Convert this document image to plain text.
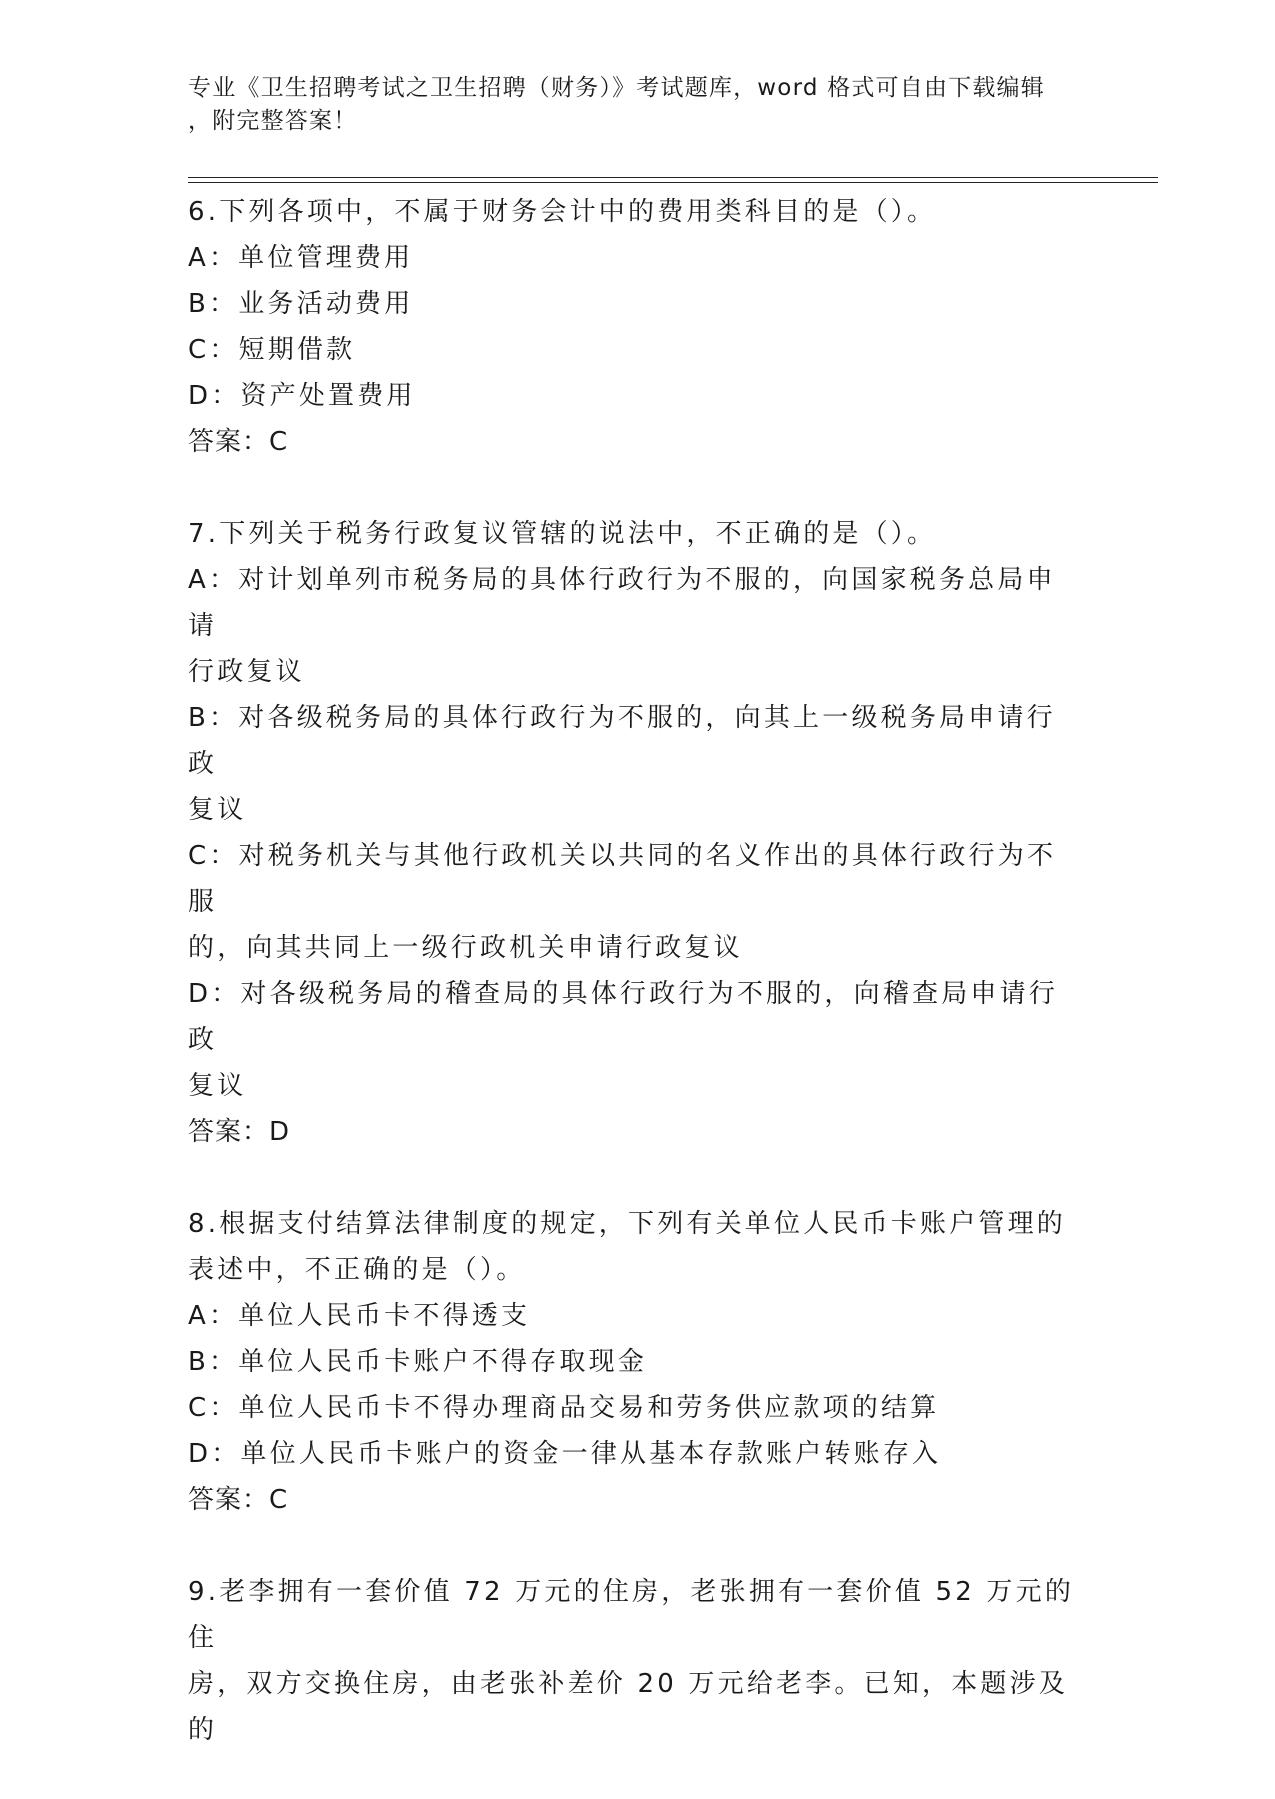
专业《卫生招聘考试之卫生招聘（财务）》考试题库，word 格式可自由下载编辑
，附完整答案！
6.下列各项中，不属于财务会计中的费用类科目的是（）。
A：单位管理费用
B：业务活动费用
C：短期借款
D：资产处置费用
答案：C
7.下列关于税务行政复议管辖的说法中，不正确的是（）。
A：对计划单列市税务局的具体行政行为不服的，向国家税务总局申请
行政复议
B：对各级税务局的具体行政行为不服的，向其上一级税务局申请行政
复议
C：对税务机关与其他行政机关以共同的名义作出的具体行政行为不服
的，向其共同上一级行政机关申请行政复议
D：对各级税务局的稽查局的具体行政行为不服的，向稽查局申请行政
复议
答案：D
8.根据支付结算法律制度的规定，下列有关单位人民币卡账户管理的
表述中，不正确的是（）。
A：单位人民币卡不得透支
B：单位人民币卡账户不得存取现金
C：单位人民币卡不得办理商品交易和劳务供应款项的结算
D：单位人民币卡账户的资金一律从基本存款账户转账存入
答案：C
9.老李拥有一套价值 72 万元的住房，老张拥有一套价值 52 万元的住
房，双方交换住房，由老张补差价 20 万元给老李。已知，本题涉及的
